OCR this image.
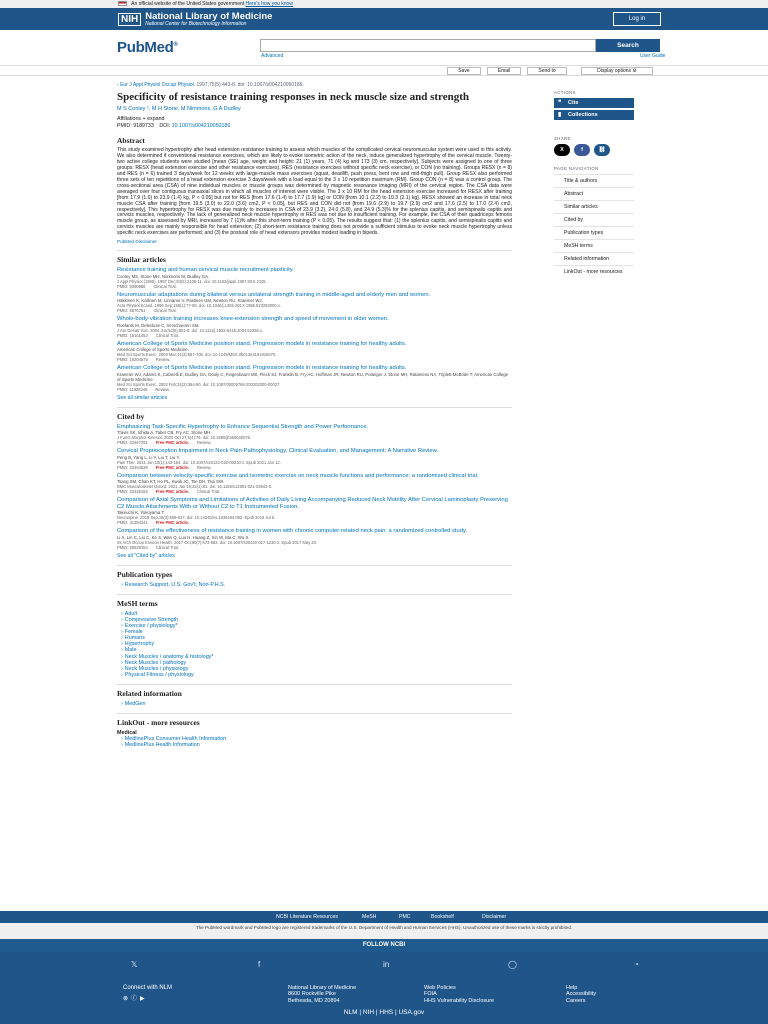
An official website of the United States government Here's how you know
NIH National Library of Medicine
National Center for Biotechnology Information
Log in
PubMed®	Search
Advanced	User Guide
Save	Email	Send to	Display options ⚙
› Eur J Appl Physiol Occup Physiol. 1997;75(5):443-8. doi: 10.1007/s004210050186.
Specificity of resistance training responses in neck muscle size and strength
M S Conley ¹, M H Stone, M Nimmons, G A Dudley
Affiliations + expand
PMID: 9189733 DOI: 10.1007/s004210050186
Abstract

This study examined hypertrophy after head extension resistance training to assess which muscles of the complicated cervical neuromuscular system were used in this activity. We also determined if conventional resistance exercises, which are likely to evoke isometric action of the neck, induce generalized hypertrophy of the cervical muscle. Twenty-two active college students were studied [mean (SE) age, weight and height: 21 (1) years, 71 (4) kg and 173 (3) cm, respectively]. Subjects were assigned to one of three groups: RESX (head extension exercise and other resistance exercises), RES (resistance exercises without specific neck exercise), or CON (no training). Groups RESX (n = 8) and RES (n = 6) trained 3 days/week for 12 weeks with large-muscle mass exercises (squat, deadlift, push press, bent row and mid-thigh pull). Group RESX also performed three sets of ten repetitions of a head extension exercise 3 days/week with a load equal to the 3 x 10 repetition maximum (RM). Group CON (n = 8) was a control group. The cross-sectional area (CSA) of nine individual muscles or muscle groups was determined by magnetic resonance imaging (MRI) of the cervical region. The CSA data were averaged over four contiguous transaxial slices in which all muscles of interest were visible. The 3 x 10 RM for the head extension exercise increased for RESX after training [from 17.9 (1.0) to 23.9 (1.4) kg, P < 0.05] but not for RES [from 17.6 (1.4) to 17.7 (1.9) kg] or CON [from 10.1 (2.2) to 10.3 (2.1) kg]. RESX showed an increase in total neck muscle CSA after training [from 19.5 (3.0) to 22.0 (3.6) cm2, P < 0.05], but RES and CON did not [from 19.6 (2.9) to 19.7 (2.9) cm2 and 17.6 (2.5) to 17.0 (2.4) cm2, respectively]. This hypertrophy for RESX was due mainly to increases in CSA of 23.9 (3.2), 24.0 (5.8), and 24.9 (5.3)% for the splenius capitis, and semispinalis capitis and cervicis muscles, respectively. The lack of generalized neck muscle hypertrophy in RES was not due to insufficient training. For example, the CSA of their quadriceps femoris muscle group, as assessed by MRI, increased by 7 (1)% after this short-term training (P < 0.05). The results suggest that: (1) the splenius capitis, and semispinalis capitis and cervicis muscles are mainly responsible for head extension; (2) short-term resistance training does not provide a sufficient stimulus to evoke neck muscle hypertrophy unless specific neck exercises are performed; and (3) the postural role of head extensors provides modest loading in bipeds.

PubMed Disclaimer
Similar articles
Resistance training and human cervical muscle recruitment plasticity.
Conley MS, Stone MH, Nimmons M, Dudley GA.
J Appl Physiol (1985). 1997 Dec;83(6):2105-11. doi: 10.1152/jappl.1997.83.6.2105.
PMID: 9390988 Clinical Trial.
Neuromuscular adaptations during bilateral versus unilateral strength training in middle-aged and elderly men and women.
Häkkinen K, Kallinen M, Linnamo V, Pastinen UM, Newton RU, Kraemer WJ.
Acta Physiol Scand. 1996 Sep;158(1):77-88. doi: 10.1046/j.1365-201X.1996.523293000.x.
PMID: 8876751 Clinical Trial.
Whole-body-vibration training increases knee-extension strength and speed of movement in older women.
Roelants M, Delecluse C, Verschueren SM.
J Am Geriatr Soc. 2004 Jun;52(6):901-8. doi: 10.1111/j.1532-5415.2004.52256.x.
PMID: 15161453 Clinical Trial.
American College of Sports Medicine position stand. Progression models in resistance training for healthy adults.
American College of Sports Medicine.
Med Sci Sports Exerc. 2009 Mar;41(3):687-708. doi: 10.1249/MSS.0b013e3181915670.
PMID: 19204579 Review.
American College of Sports Medicine position stand. Progression models in resistance training for healthy adults.
Kraemer WJ, Adams K, Cafarelli E, Dudley GA, Dooly C, Feigenbaum MS, Fleck SJ, Franklin B, Fry AC, Hoffman JR, Newton RU, Potteiger J, Stone MH, Ratamess NA, Triplett-McBride T; American College of Sports Medicine.
Med Sci Sports Exerc. 2002 Feb;34(2):364-80. doi: 10.1097/00005768-200202000-00027.
PMID: 11828249 Review.
See all similar articles
Cited by
Emphasizing Task-Specific Hypertrophy to Enhance Sequential Strength and Power Performance.
Travis SK, Ishida A, Taber CB, Fry AC, Stone MH.
J Funct Morphol Kinesiol. 2020 Oct 27;5(4):76. doi: 10.3390/jfmk5040076.
PMID: 33467291 Free PMC article. Review.
Cervical Proprioception Impairment in Neck Pain-Pathophysiology, Clinical Evaluation, and Management: A Narrative Review.
Peng B, Yang L, Li Y, Liu T, Liu Y.
Pain Ther. 2021 Jun;10(1):143-164. doi: 10.1007/s40122-020-00230-z. Epub 2021 Jan 12.
PMID: 33464539 Free PMC article. Review.
Comparison between velocity-specific exercise and isometric exercise on neck muscle functions and performance: a randomised clinical trial.
Tsang SM, Chan KT, Ho PL, Kwok JC, Tse DH, Tsoi SW.
BMC Musculoskelet Disord. 2021 Jan 16;22(1):81. doi: 10.1186/s12891-021-03943-0.
PMID: 33446159 Free PMC article. Clinical Trial.
Comparison of Axial Symptoms and Limitations of Activities of Daily Living Accompanying Reduced Neck Mobility After Cervical Laminoplasty Preserving C2 Muscle Attachments With or Without C2 to T1 Instrumented Fusion.
Takeuchi K, Yokoyama T.
Neurospine. 2019 Sep;16(3):608-617. doi: 10.14245/ns.1836184.092. Epub 2019 Jul 5.
PMID: 31284341 Free PMC article.
Comparison of the effectiveness of resistance training in women with chronic computer-related neck pain: a randomized controlled study.
Li X, Lin C, Liu C, Ke S, Wan Q, Luo H, Huang Z, Xin W, Ma C, Wu S.
Int Arch Occup Environ Health. 2017 Oct;90(7):673-683. doi: 10.1007/s00420-017-1230-2. Epub 2017 May 20.
PMID: 28528354 Clinical Trial.
See all "Cited by" articles
Publication types
› Research Support, U.S. Gov't, Non-P.H.S.
MeSH terms
› Adult
› Compressive Strength
› Exercise / physiology*
› Female
› Humans
› Hypertrophy
› Male
› Neck Muscles / anatomy & histology*
› Neck Muscles / pathology
› Neck Muscles / physiology
› Physical Fitness / physiology
Related information
› MedGen
LinkOut - more resources
Medical
› MedlinePlus Consumer Health Information
› MedlinePlus Health Information
ACTIONS
❝ Cite
▮ Collections
SHARE
X	f	⛓
PAGE NAVIGATION
Title & authors
Abstract
Similar articles
Cited by
Publication types
MeSH terms
Related information
LinkOut - more resources
NCBI Literature Resources	MeSH	PMC	Bookshelf	Disclaimer
The PubMed wordmark and PubMed logo are registered trademarks of the U.S. Department of Health and Human Services (HHS). Unauthorized use of these marks is strictly prohibited.
FOLLOW NCBI
𝕏	f	in	◯	◔
Connect with NLM
⊗ⓕ▶
National Library of Medicine
8600 Rockville Pike
Bethesda, MD 20894
Web Policies
FOIA
HHS Vulnerability Disclosure
Help
Accessibility
Careers
NLM | NIH | HHS | USA.gov
